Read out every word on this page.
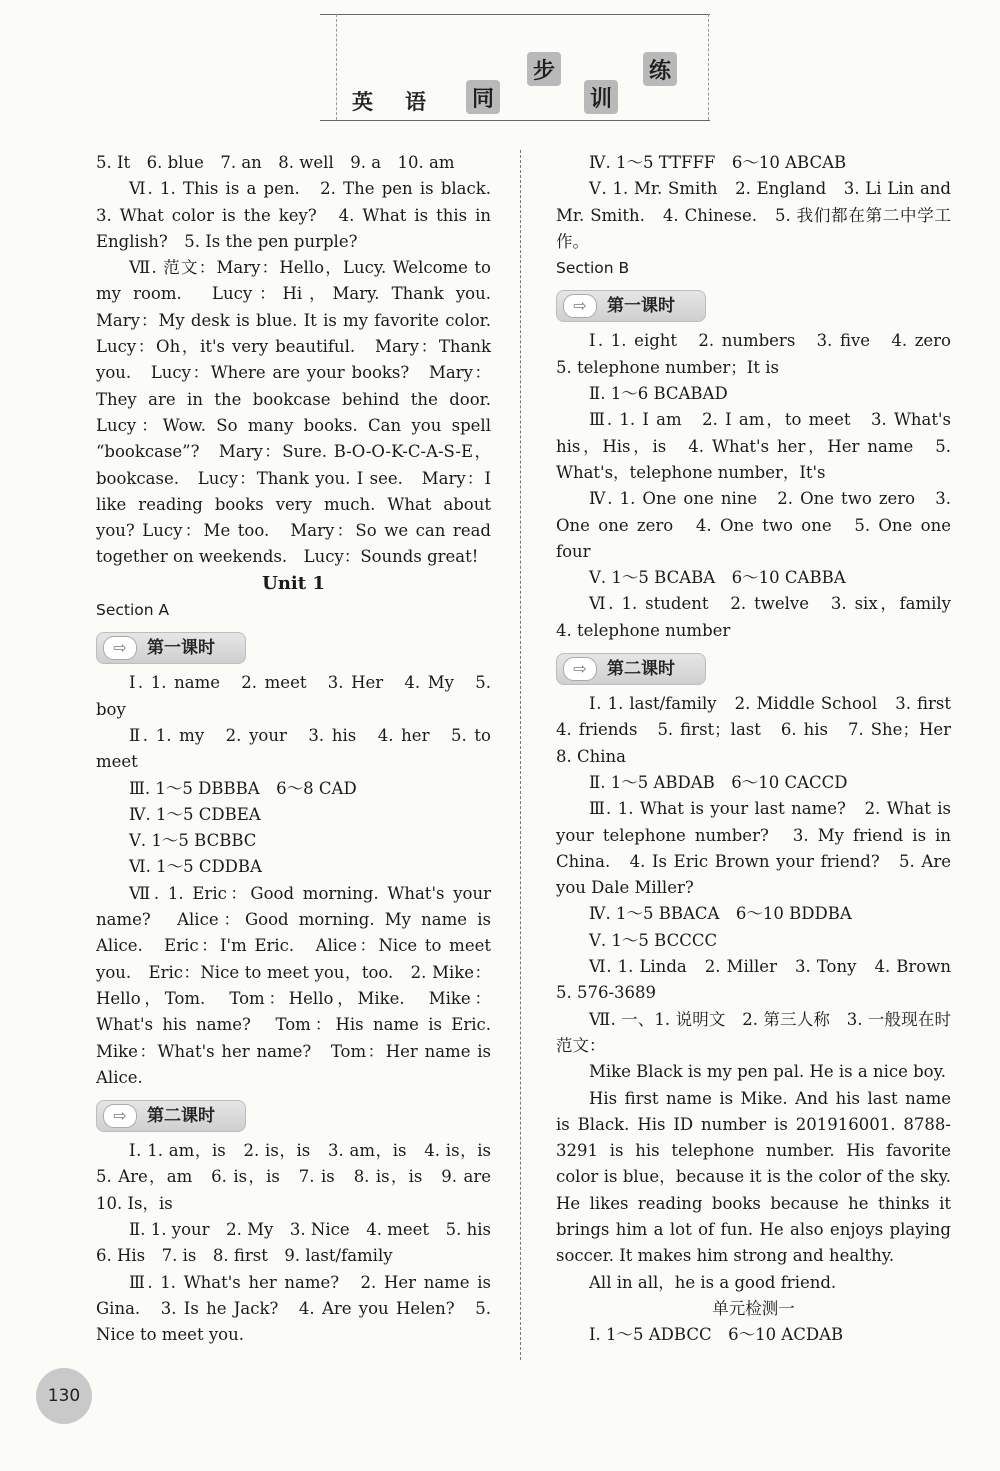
英 语 同
步
训
练

5. It　6. blue　7. an　8. well　9. a　10. am

Ⅵ. 1. This is a pen.　2. The pen is black.　3. What color is the key?　4. What is this in English?　5. Is the pen purple?

Ⅶ. 范文：Mary：Hello，Lucy. Welcome to my room.　Lucy：Hi，Mary. Thank you. Mary：My desk is blue. It is my favorite color. Lucy：Oh，it's very beautiful.　Mary：Thank you.　Lucy：Where are your books?　Mary：They are in the bookcase behind the door. Lucy：Wow. So many books. Can you spell “bookcase”?　Mary：Sure. B-O-O-K-C-A-S-E，bookcase.　Lucy：Thank you. I see.　Mary：I like reading books very much. What about you? Lucy：Me too.　Mary：So we can read together on weekends.　Lucy：Sounds great!

Unit 1

Section A

⇨	第一课时

Ⅰ. 1. name　2. meet　3. Her　4. My　5. boy

Ⅱ. 1. my　2. your　3. his　4. her　5. to meet

Ⅲ. 1～5 DBBBA　6～8 CAD

Ⅳ. 1～5 CDBEA

Ⅴ. 1～5 BCBBC

Ⅵ. 1～5 CDDBA

Ⅶ. 1. Eric：Good morning. What's your name?　Alice：Good morning. My name is Alice.　Eric：I'm Eric.　Alice：Nice to meet you.　Eric：Nice to meet you，too.　2. Mike：Hello，Tom.　Tom：Hello，Mike.　Mike：What's his name?　Tom：His name is Eric. Mike：What's her name?　Tom：Her name is Alice.

⇨	第二课时

Ⅰ. 1. am，is　2. is，is　3. am，is　4. is，is　5. Are，am　6. is，is　7. is　8. is，is　9. are　10. Is，is

Ⅱ. 1. your　2. My　3. Nice　4. meet　5. his　6. His　7. is　8. first　9. last/family

Ⅲ. 1. What's her name?　2. Her name is Gina.　3. Is he Jack?　4. Are you Helen?　5. Nice to meet you.

Ⅳ. 1～5 TTFFF　6～10 ABCAB

Ⅴ. 1. Mr. Smith　2. England　3. Li Lin and Mr. Smith.　4. Chinese.　5. 我们都在第二中学工作。

Section B

⇨	第一课时

Ⅰ. 1. eight　2. numbers　3. five　4. zero　5. telephone number；It is

Ⅱ. 1～6 BCABAD

Ⅲ. 1. I am　2. I am，to meet　3. What's his，His，is　4. What's her，Her name　5. What's，telephone number，It's

Ⅳ. 1. One one nine　2. One two zero　3. One one zero　4. One two one　5. One one four

Ⅴ. 1～5 BCABA　6～10 CABBA

Ⅵ. 1. student　2. twelve　3. six，family　4. telephone number

⇨	第二课时

Ⅰ. 1. last/family　2. Middle School　3. first　4. friends　5. first；last　6. his　7. She；Her　8. China

Ⅱ. 1～5 ABDAB　6～10 CACCD

Ⅲ. 1. What is your last name?　2. What is your telephone number?　3. My friend is in China.　4. Is Eric Brown your friend?　5. Are you Dale Miller?

Ⅳ. 1～5 BBACA　6～10 BDDBA

Ⅴ. 1～5 BCCCC

Ⅵ. 1. Linda　2. Miller　3. Tony　4. Brown　5. 576-3689

Ⅶ. 一、1. 说明文　2. 第三人称　3. 一般现在时　范文：

Mike Black is my pen pal. He is a nice boy.

His first name is Mike. And his last name is Black. His ID number is 201916001. 8788-3291 is his telephone number. His favorite color is blue，because it is the color of the sky. He likes reading books because he thinks it brings him a lot of fun. He also enjoys playing soccer. It makes him strong and healthy.

All in all，he is a good friend.

单元检测一

Ⅰ. 1～5 ADBCC　6～10 ACDAB

130
